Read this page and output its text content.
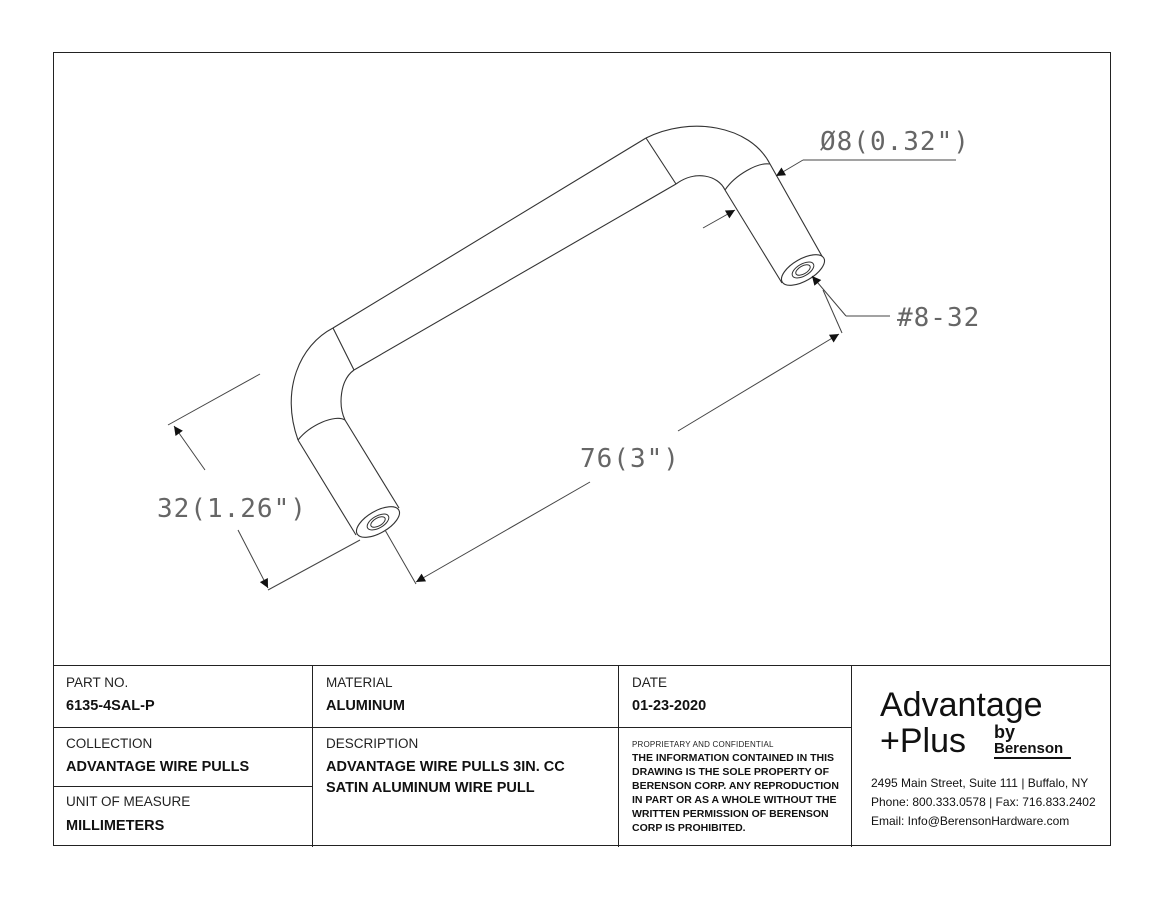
Ø8(0.32")
#8-32
76(3")
32(1.26")
PART NO.
6135-4SAL-P
MATERIAL
ALUMINUM
DATE
01-23-2020
COLLECTION
ADVANTAGE WIRE PULLS
DESCRIPTION
ADVANTAGE WIRE PULLS 3IN. CC
SATIN ALUMINUM WIRE PULL
PROPRIETARY AND CONFIDENTIAL
THE INFORMATION CONTAINED IN THIS
DRAWING IS THE SOLE PROPERTY OF
BERENSON CORP. ANY REPRODUCTION
IN PART OR AS A WHOLE WITHOUT THE
WRITTEN PERMISSION OF BERENSON
CORP IS PROHIBITED.
UNIT OF MEASURE
MILLIMETERS
Advantage
+Plus by
Berenson
2495 Main Street, Suite 111 | Buffalo, NY
Phone: 800.333.0578 | Fax: 716.833.2402
Email: Info@BerensonHardware.com
